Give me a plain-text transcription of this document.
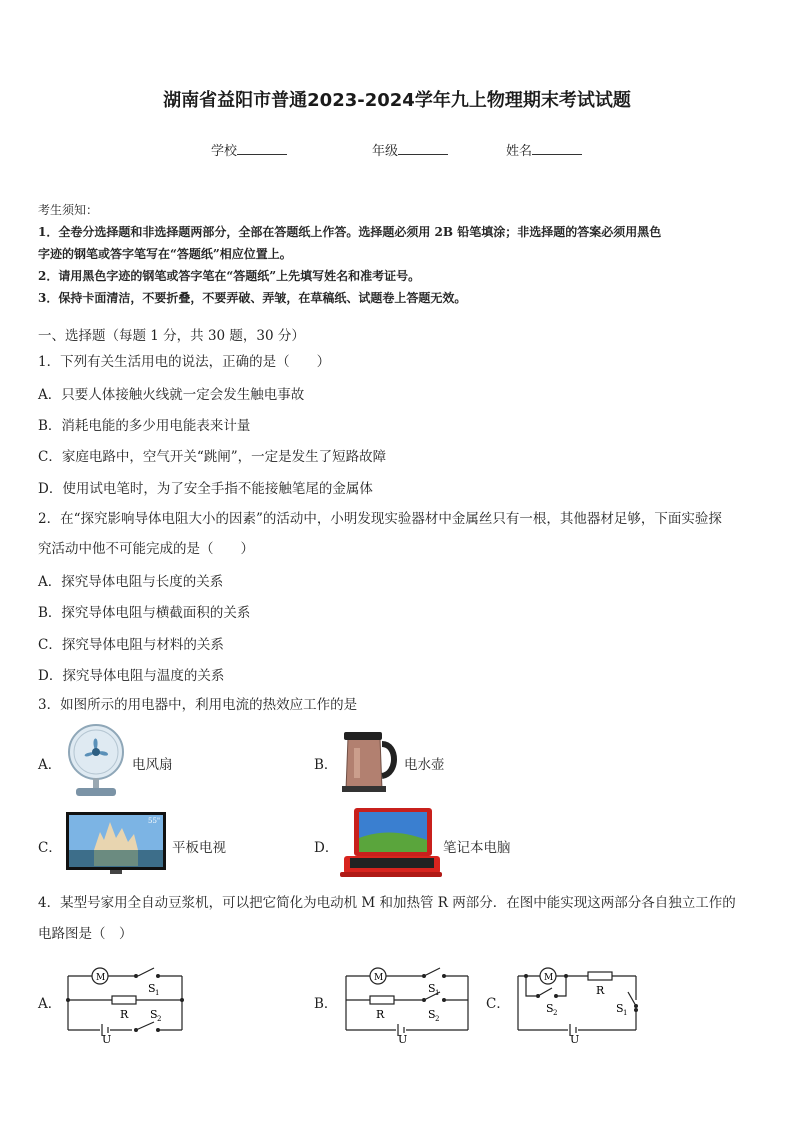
湖南省益阳市普通2023-2024学年九上物理期末考试试题
学校	年级	姓名
考生须知：
1．全卷分选择题和非选择题两部分，全部在答题纸上作答。选择题必须用 2B 铅笔填涂；非选择题的答案必须用黑色
字迹的钢笔或答字笔写在“答题纸”相应位置上。
2．请用黑色字迹的钢笔或答字笔在“答题纸”上先填写姓名和准考证号。
3．保持卡面清洁，不要折叠，不要弄破、弄皱，在草稿纸、试题卷上答题无效。
一、选择题（每题 1 分，共 30 题，30 分）
1．下列有关生活用电的说法，正确的是（　　）
A．只要人体接触火线就一定会发生触电事故
B．消耗电能的多少用电能表来计量
C．家庭电路中，空气开关“跳闸”，一定是发生了短路故障
D．使用试电笔时，为了安全手指不能接触笔尾的金属体
2．在“探究影响导体电阻大小的因素”的活动中，小明发现实验器材中金属丝只有一根，其他器材足够，下面实验探
究活动中他不可能完成的是（　　）
A．探究导体电阻与长度的关系
B．探究导体电阻与横截面积的关系
C．探究导体电阻与材料的关系
D．探究导体电阻与温度的关系
3．如图所示的用电器中，利用电流的热效应工作的是
A．	电风扇	B．	电水壶
C．
55"
平板电视	D．	笔记本电脑
4．某型号家用全自动豆浆机，可以把它简化为电动机 M 和加热管 R 两部分．在图中能实现这两部分各自独立工作的
电路图是（　）
A．
M
S 1
R S 2
U
B．
M
S 1
R	S 2
U
C．
M
R
S 2	S 1
U
